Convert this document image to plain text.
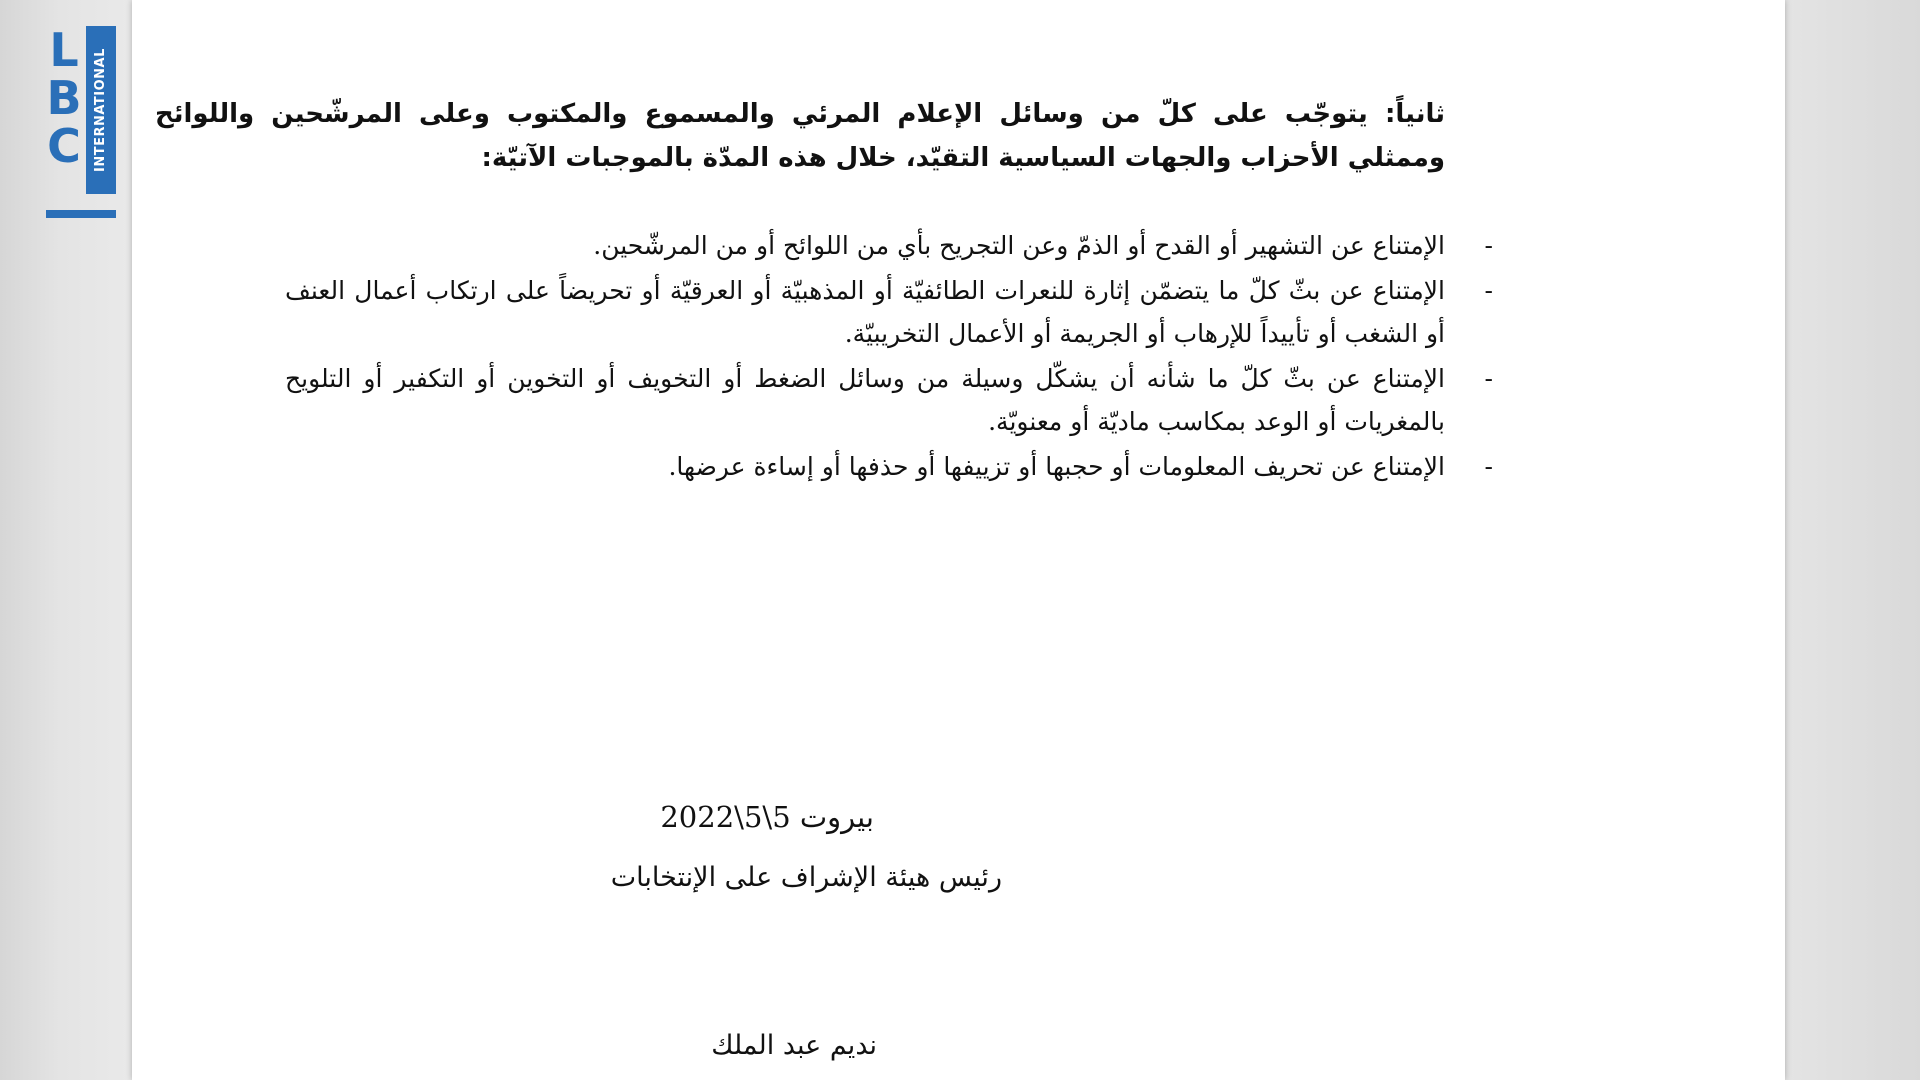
L
B
C INTERNATIONAL	ثانياً: يتوجّب على كلّ من وسائل الإعلام المرئي والمسموع والمكتوب وعلى المرشّحين واللوائح وممثلي الأحزاب والجهات السياسية التقيّد، خلال هذه المدّة بالموجبات الآتيّة:

-
الإمتناع عن التشهير أو القدح أو الذمّ وعن التجريح بأي من اللوائح أو من المرشّحين.
-
الإمتناع عن بثّ كلّ ما يتضمّن إثارة للنعرات الطائفيّة أو المذهبيّة أو العرقيّة أو تحريضاً على ارتكاب أعمال العنف أو الشغب أو تأييداً للإرهاب أو الجريمة أو الأعمال التخريبيّة.
-
الإمتناع عن بثّ كلّ ما شأنه أن يشكّل وسيلة من وسائل الضغط أو التخويف أو التخوين أو التكفير أو التلويح بالمغريات أو الوعد بمكاسب ماديّة أو معنويّة.
-
الإمتناع عن تحريف المعلومات أو حجبها أو تزييفها أو حذفها أو إساءة عرضها.
بيروت 5\5\2022
رئيس هيئة الإشراف على الإنتخابات
نديم عبد الملك
